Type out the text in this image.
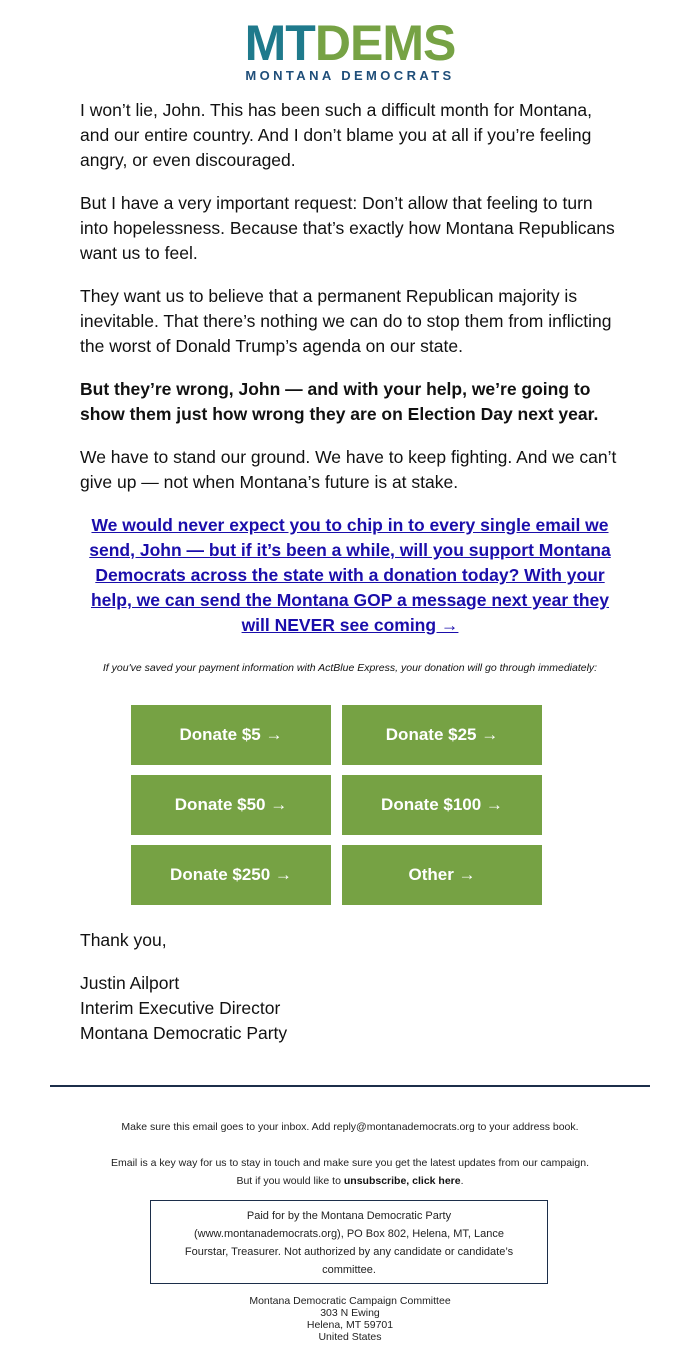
MTDEMS
MONTANA DEMOCRATS

I won’t lie, John. This has been such a difficult month for Montana, and our entire country. And I don’t blame you at all if you’re feeling angry, or even discouraged.

But I have a very important request: Don’t allow that feeling to turn into hopelessness. Because that’s exactly how Montana Republicans want us to feel.

They want us to believe that a permanent Republican majority is inevitable. That there’s nothing we can do to stop them from inflicting the worst of Donald Trump’s agenda on our state.

But they’re wrong, John — and with your help, we’re going to show them just how wrong they are on Election Day next year.

We have to stand our ground. We have to keep fighting. And we can’t give up — not when Montana’s future is at stake.

We would never expect you to chip in to every single email we send, John — but if it’s been a while, will you support Montana Democrats across the state with a donation today? With your help, we can send the Montana GOP a message next year they will NEVER see coming →
If you've saved your payment information with ActBlue Express, your donation will go through immediately:
Donate $5 →	Donate $25 →
Donate $50 →	Donate $100 →
Donate $250 →	Other →

Thank you,

Justin Ailport

Interim Executive Director

Montana Democratic Party

Make sure this email goes to your inbox. Add reply@montanademocrats.org to your address book.
Email is a key way for us to stay in touch and make sure you get the latest updates from our campaign.
But if you would like to unsubscribe, click here.
Paid for by the Montana Democratic Party (www.montanademocrats.org), PO Box 802, Helena, MT, Lance Fourstar, Treasurer. Not authorized by any candidate or candidate’s committee.
Montana Democratic Campaign Committee
303 N Ewing
Helena, MT 59701
United States
